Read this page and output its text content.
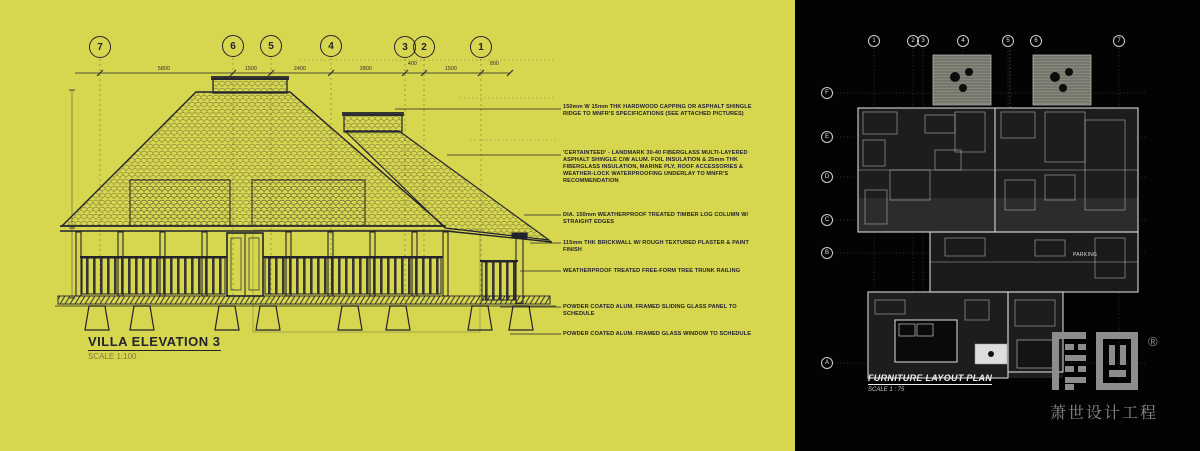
7	6	5	4	3	2	1
5800	1500	2400	2800
400
1500
800
150mm W 15mm THK HARDWOOD CAPPING OR ASPHALT SHINGLE RIDGE TO MNFR'S SPECIFICATIONS (SEE ATTACHED PICTURES)
'CERTAINTEED' - LANDMARK 30-40 FIBERGLASS MULTI-LAYERED ASPHALT SHINGLE C/W ALUM. FOIL INSULATION & 25mm THK FIBERGLASS INSULATION, MARINE PLY, ROOF ACCESSORIES & WEATHER-LOCK WATERPROOFING UNDERLAY TO MNFR'S RECOMMENDATION
DIA. 150mm WEATHERPROOF TREATED TIMBER LOG COLUMN W/ STRAIGHT EDGES
115mm THK BRICKWALL W/ ROUGH TEXTURED PLASTER & PAINT FINISH
WEATHERPROOF TREATED FREE-FORM TREE TRUNK RAILING
POWDER COATED ALUM. FRAMED SLIDING GLASS PANEL TO SCHEDULE
POWDER COATED ALUM. FRAMED GLASS WINDOW TO SCHEDULE
VILLA ELEVATION 3
SCALE 1:100
1	2	3	4	5	6	7
F
E
D
C
B
A
PARKING
FURNITURE LAYOUT PLAN
SCALE 1 : 75
®
萧世设计工程
